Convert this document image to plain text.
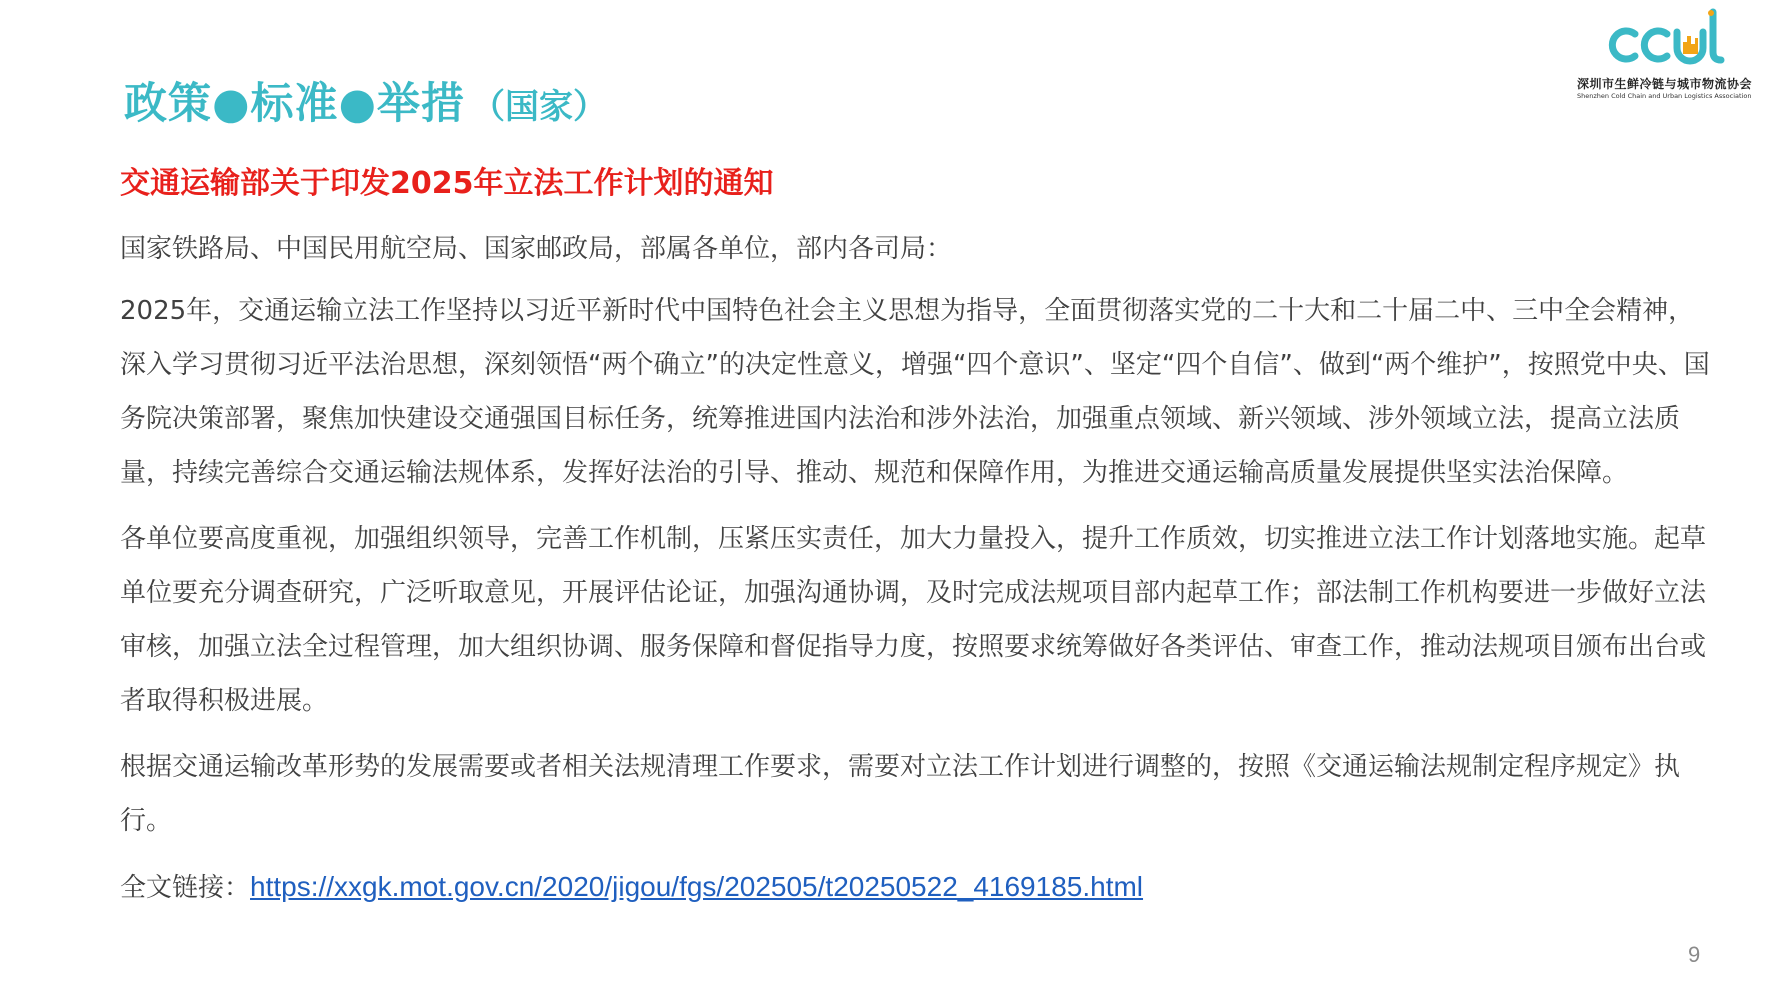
政策●标准●举措 （国家）
深圳市生鲜冷链与城市物流协会
Shenzhen Cold Chain and Urban Logistics Association
交通运输部关于印发2025年立法工作计划的通知

国家铁路局、中国民用航空局、国家邮政局，部属各单位，部内各司局：

2025年，交通运输立法工作坚持以习近平新时代中国特色社会主义思想为指导，全面贯彻落实党的二十大和二十届二中、三中全会精神，深入学习贯彻习近平法治思想，深刻领悟“两个确立”的决定性意义，增强“四个意识”、坚定“四个自信”、做到“两个维护”，按照党中央、国务院决策部署，聚焦加快建设交通强国目标任务，统筹推进国内法治和涉外法治，加强重点领域、新兴领域、涉外领域立法，提高立法质量，持续完善综合交通运输法规体系，发挥好法治的引导、推动、规范和保障作用，为推进交通运输高质量发展提供坚实法治保障。

各单位要高度重视，加强组织领导，完善工作机制，压紧压实责任，加大力量投入，提升工作质效，切实推进立法工作计划落地实施。起草单位要充分调查研究，广泛听取意见，开展评估论证，加强沟通协调，及时完成法规项目部内起草工作；部法制工作机构要进一步做好立法审核，加强立法全过程管理，加大组织协调、服务保障和督促指导力度，按照要求统筹做好各类评估、审查工作，推动法规项目颁布出台或者取得积极进展。

根据交通运输改革形势的发展需要或者相关法规清理工作要求，需要对立法工作计划进行调整的，按照《交通运输法规制定程序规定》执行。

全文链接：https://xxgk.mot.gov.cn/2020/jigou/fgs/202505/t20250522_4169185.html
9
